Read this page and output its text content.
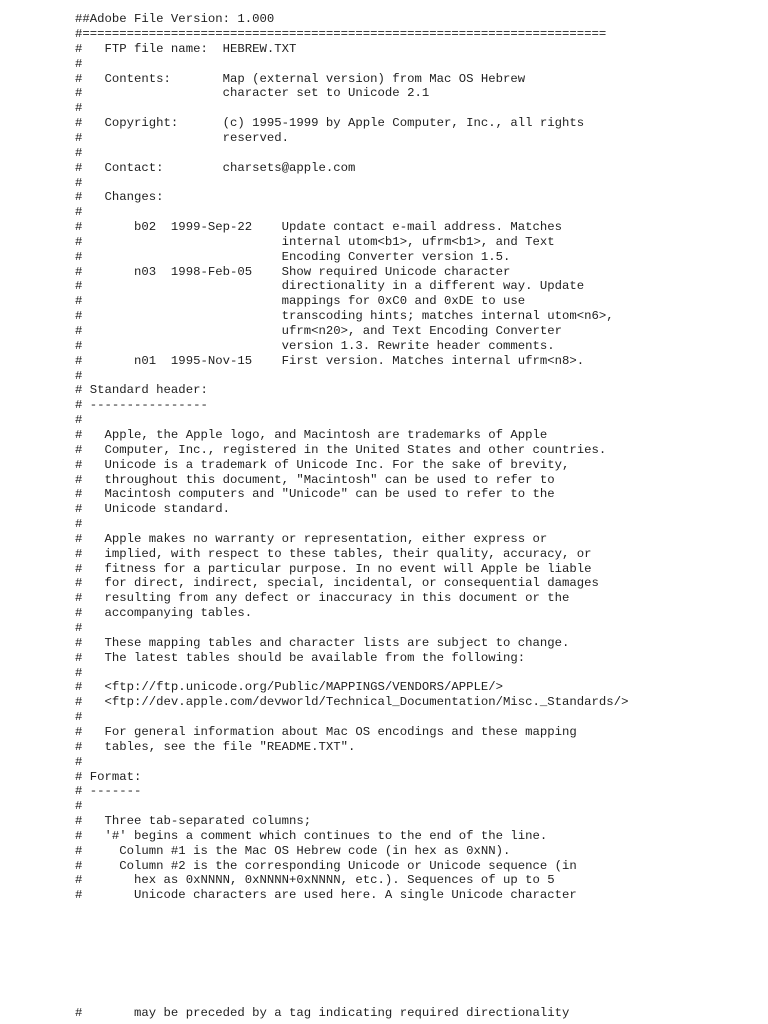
##Adobe File Version: 1.000
#=======================================================================
#   FTP file name:  HEBREW.TXT
#
#   Contents:       Map (external version) from Mac OS Hebrew
#                   character set to Unicode 2.1
#
#   Copyright:      (c) 1995-1999 by Apple Computer, Inc., all rights
#                   reserved.
#
#   Contact:        charsets@apple.com
#
#   Changes:
#
#       b02  1999-Sep-22    Update contact e-mail address. Matches
#                           internal utom<b1>, ufrm<b1>, and Text
#                           Encoding Converter version 1.5.
#       n03  1998-Feb-05    Show required Unicode character
#                           directionality in a different way. Update
#                           mappings for 0xC0 and 0xDE to use
#                           transcoding hints; matches internal utom<n6>,
#                           ufrm<n20>, and Text Encoding Converter
#                           version 1.3. Rewrite header comments.
#       n01  1995-Nov-15    First version. Matches internal ufrm<n8>.
#
# Standard header:
# ----------------
#
#   Apple, the Apple logo, and Macintosh are trademarks of Apple
#   Computer, Inc., registered in the United States and other countries.
#   Unicode is a trademark of Unicode Inc. For the sake of brevity,
#   throughout this document, "Macintosh" can be used to refer to
#   Macintosh computers and "Unicode" can be used to refer to the
#   Unicode standard.
#
#   Apple makes no warranty or representation, either express or
#   implied, with respect to these tables, their quality, accuracy, or
#   fitness for a particular purpose. In no event will Apple be liable
#   for direct, indirect, special, incidental, or consequential damages
#   resulting from any defect or inaccuracy in this document or the
#   accompanying tables.
#
#   These mapping tables and character lists are subject to change.
#   The latest tables should be available from the following:
#
#   <ftp://ftp.unicode.org/Public/MAPPINGS/VENDORS/APPLE/>
#   <ftp://dev.apple.com/devworld/Technical_Documentation/Misc._Standards/>
#
#   For general information about Mac OS encodings and these mapping
#   tables, see the file "README.TXT".
#
# Format:
# -------
#
#   Three tab-separated columns;
#   '#' begins a comment which continues to the end of the line.
#     Column #1 is the Mac OS Hebrew code (in hex as 0xNN).
#     Column #2 is the corresponding Unicode or Unicode sequence (in
#       hex as 0xNNNN, 0xNNNN+0xNNNN, etc.). Sequences of up to 5
#       Unicode characters are used here. A single Unicode character
#       may be preceded by a tag indicating required directionality
